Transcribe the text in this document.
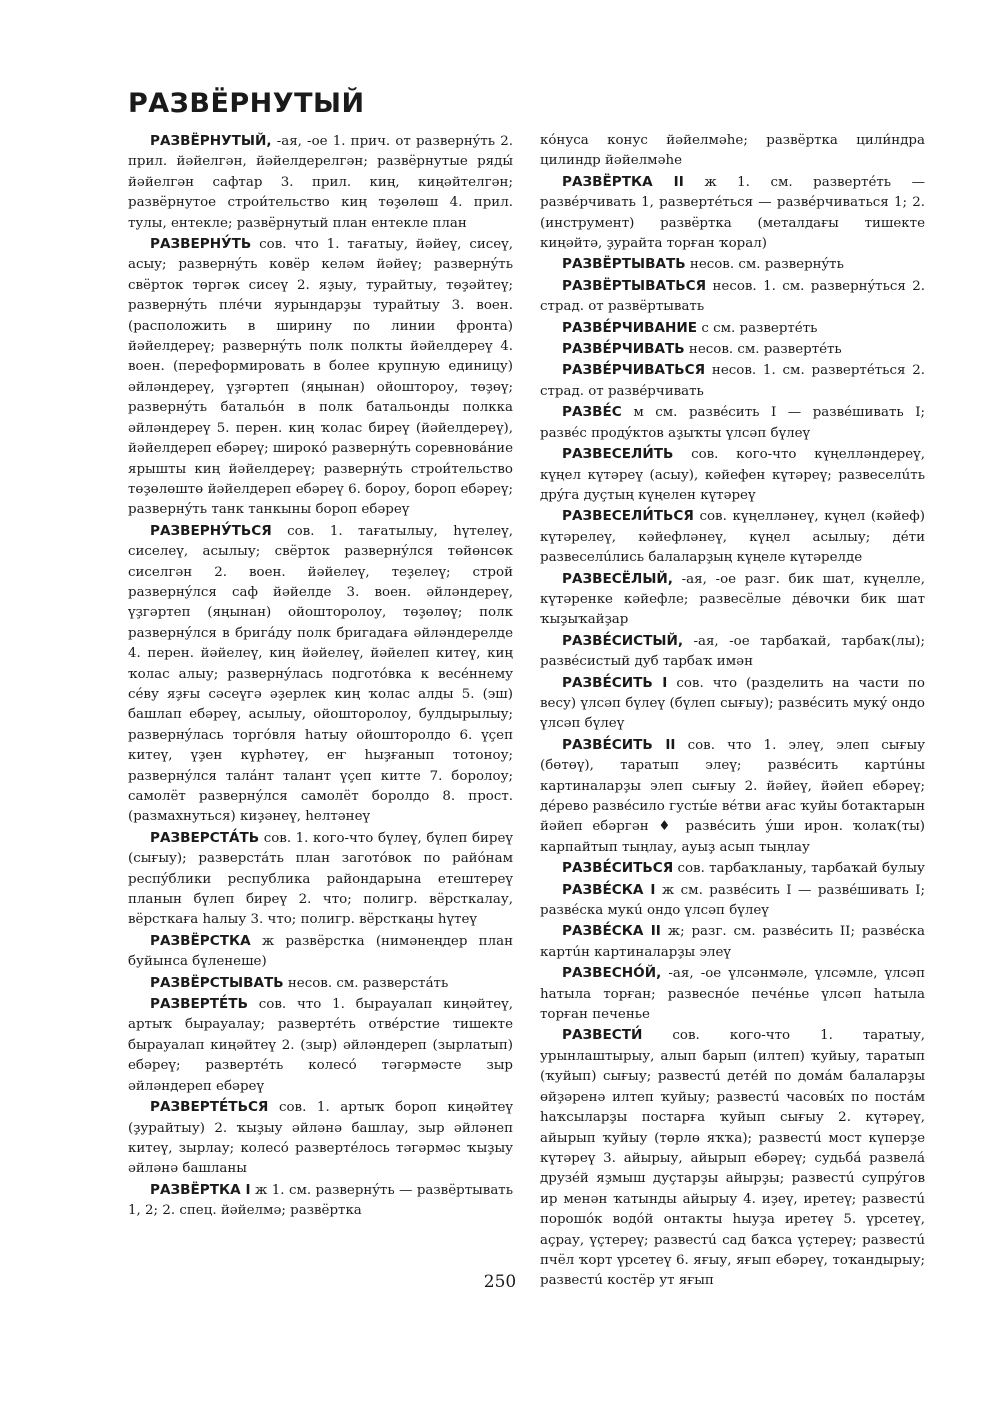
РАЗВЁРНУТЫЙ

РАЗВЁРНУТЫЙ, -ая, -ое 1. прич. от развернýть 2. прил. йәйелгән, йәйелдерелгән; развёрнутые ряды́ йәйелгән сафтар 3. прил. киң, киңәйтелгән; развёрнутое строи́тельство киң төҙөлөш 4. прил. тулы, ентекле; развёрнутый план ентекле план

РАЗВЕРНУ́ТЬ сов. что 1. тағатыу, йәйеү, сисеү, асыу; развернýть ковёр келәм йәйеү; развернýть свёрток төргәк сисеү 2. яҙыу, турайтыу, төҙәйтеү; развернýть плéчи яурындарҙы турайтыу 3. воен. (расположить в ширину по линии фронта) йәйелдереү; развернýть полк полкты йәйелдереү 4. воен. (переформировать в более крупную единицу) әйләндереү, үҙгәртеп (яңынан) ойоштороу, төҙөү; развернýть батальóн в полк батальонды полкка әйләндереү 5. перен. киң ҡолас биреү (йәйелдереү), йәйелдереп ебәреү; широкó развернýть соревновáние ярышты киң йәйелдереү; развернýть строи́тельство төҙөлөштө йәйелдереп ебәреү 6. бороу, бороп ебәреү; развернýть танк танкыны бороп ебәреү

РАЗВЕРНУ́ТЬСЯ сов. 1. тағатылыу, һүтелеү, сиселеү, асылыу; свёрток развернýлся төйөнсөк сиселгән 2. воен. йәйелеү, теҙелеү; строй развернýлся саф йәйелде 3. воен. әйләндереү, үҙгәртеп (яңынан) ойошторолоу, төҙөлөү; полк развернýлся в бригáду полк бригадаға әйләндерелде 4. перен. йәйелеү, киң йәйелеү, йәйелеп китеү, киң ҡолас алыу; развернýлась подготóвка к весéннему сéву яҙғы сәсеүгә әҙерлек киң ҡолас алды 5. (эш) башлап ебәреү, асылыу, ойошторолоу, булдырылыу; развернýлась торгóвля һатыу ойошторолдо 6. үҫеп китеү, үҙен күрһәтеү, еҥ һыҙғанып тотоноу; развернýлся талáнт талант үҫеп китте 7. боролоу; самолёт развернýлся самолёт боролдо 8. прост. (размахнуться) киҙәнеү, һелтәнеү

РАЗВЕРСТА́ТЬ сов. 1. кого-что бүлеү, бүлеп биреү (сығыу); разверстáть план заготóвок по райóнам респýблики республика райондарына етештереү планын бүлеп биреү 2. что; полигр. вёрсткалау, вёрсткаға һалыу 3. что; полигр. вёрсткаңы һүтеү

РАЗВЁРСТКА ж развёрстка (нимәнеңдер план буйынса бүленеше)

РАЗВЁРСТЫВАТЬ несов. см. разверстáть

РАЗВЕРТЕ́ТЬ сов. что 1. бырауалап киңәйтеү, артыҡ бырауалау; развертéть отвéрстие тишекте бырауалап киңәйтеү 2. (зыр) әйләндереп (зырлатып) ебәреү; развертéть колесó тәгәрмәсте зыр әйләндереп ебәреү

РАЗВЕРТЕ́ТЬСЯ сов. 1. артыҡ бороп киңәйтеү (ҙурайтыу) 2. ҡыҙыу әйләнә башлау, зыр әйләнеп китеү, зырлау; колесó развертéлось тәгәрмәс ҡыҙыу әйләнә башланы

РАЗВЁРТКА I ж 1. см. развернýть — развёртывать 1, 2; 2. спец. йәйелмә; развёртка

кóнуса конус йәйелмәһе; развёртка цили́ндра цилиндр йәйелмәһе

РАЗВЁРТКА II ж 1. см. развертéть — развéрчивать 1, развертéться — развéрчиваться 1; 2. (инструмент) развёртка (металдағы тишекте киңәйтә, ҙурайта торған ҡорал)

РАЗВЁРТЫВАТЬ несов. см. развернýть

РАЗВЁРТЫВАТЬСЯ несов. 1. см. развернýться 2. страд. от развёртывать

РАЗВЕ́РЧИВАНИЕ с см. развертéть

РАЗВЕ́РЧИВАТЬ несов. см. развертéть

РАЗВЕ́РЧИВАТЬСЯ несов. 1. см. развертéться 2. страд. от развéрчивать

РАЗВЕ́С м см. развéсить I — развéшивать I; развéс продýктов аҙыҡты үлсәп бүлеү

РАЗВЕСЕЛИ́ТЬ сов. кого-что күңелләндереү, күңел күтәреү (асыу), кәйефен күтәреү; развеселúть дрýга дуҫтың күңелен күтәреү

РАЗВЕСЕЛИ́ТЬСЯ сов. күңелләнеү, күңел (кәйеф) күтәрелеү, кәйефләнеү, күңел асылыу; дéти развеселúлись балаларҙың күңеле күтәрелде

РАЗВЕСЁЛЫЙ, -ая, -ое разг. бик шат, күңелле, күтәренке кәйефле; развесёлые дéвочки бик шат ҡыҙыҡайҙар

РАЗВЕ́СИСТЫЙ, -ая, -ое тарбаҡай, тарбаҡ(лы); развéсистый дуб тарбаҡ имән

РАЗВЕ́СИТЬ I сов. что (разделить на части по весу) үлсәп бүлеү (бүлеп сығыу); развéсить мукý ондо үлсәп бүлеү

РАЗВЕ́СИТЬ II сов. что 1. элеү, элеп сығыу (бөтөү), таратып элеү; развéсить картúны картиналарҙы элеп сығыу 2. йәйеү, йәйеп ебәреү; дéрево развéсило густы́е вéтви ағас ҡуйы ботактарын йәйеп ебәргән ♦ развéсить ýши ирон. ҡолаҡ(ты) карпайтып тыңлау, ауыҙ асып тыңлау

РАЗВЕ́СИТЬСЯ сов. тарбаҡланыу, тарбаҡай булыу

РАЗВЕ́СКА I ж см. развéсить I — развéшивать I; развéска мукú ондо үлсәп бүлеү

РАЗВЕ́СКА II ж; разг. см. развéсить II; развéска картúн картиналарҙы элеү

РАЗВЕСНО́Й, -ая, -ое үлсәнмәле, үлсәмле, үлсәп һатыла торған; развеснóе печéнье үлсәп һатыла торған печенье

РАЗВЕСТИ́ сов. кого-что 1. таратыу, урынлаштырыу, алып барып (илтеп) ҡуйыу, таратып (ҡуйып) сығыу; развестú детéй по домáм балаларҙы өйҙәренә илтеп ҡуйыу; развестú часовы́х по постáм һаҡсыларҙы постарға ҡуйып сығыу 2. күтәреү, айырып ҡуйыу (төрлө яҡҡа); развестú мост күперҙе күтәреү 3. айырыу, айырып ебәреү; судьбá развелá друзéй яҙмыш дуҫтарҙы айырҙы; развестú супрýгов ир менән ҡатынды айырыу 4. иҙеү, иретеү; развестú порошóк водóй онтакты һыуҙа иретеү 5. үрсетеү, аҫрау, үҫтереү; развестú сад баҡса үҫтереү; развестú пчёл ҡорт үрсетеү 6. яғыу, яғып ебәреү, тоҡандырыу; развестú костёр ут яғып

250
